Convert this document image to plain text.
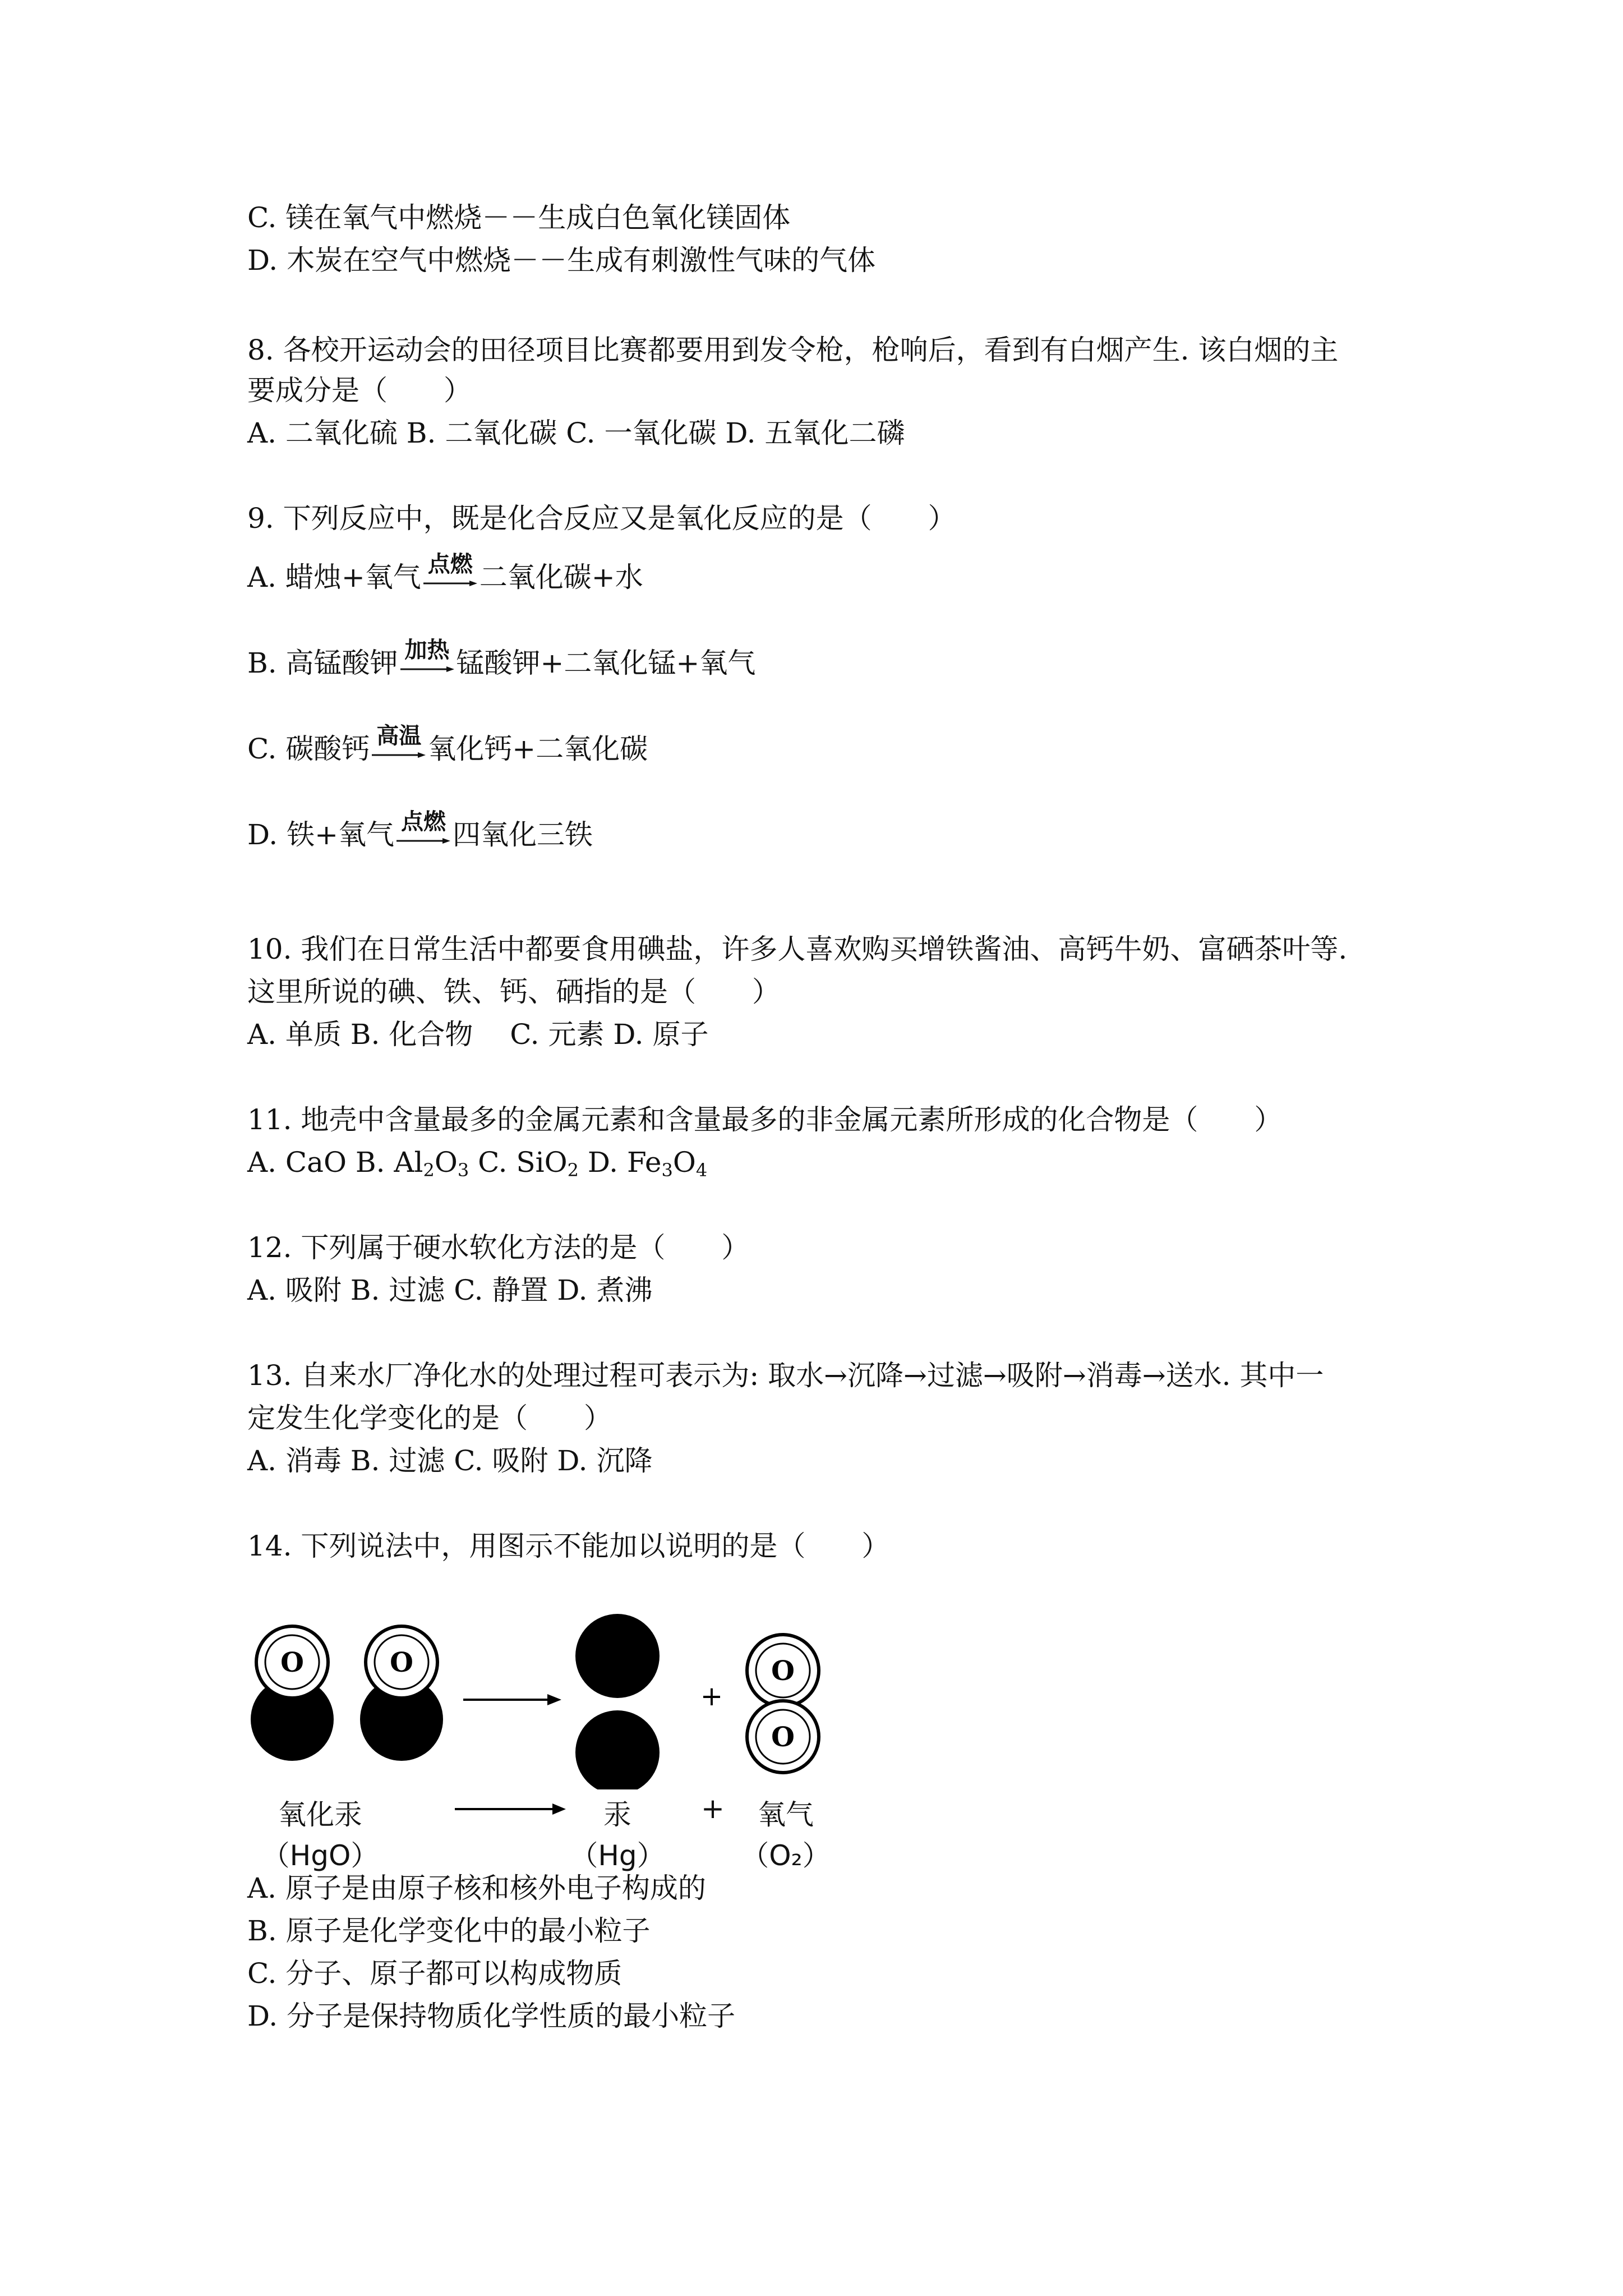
C. 镁在氧气中燃烧－－生成白色氧化镁固体
D. 木炭在空气中燃烧－－生成有刺激性气味的气体
8. 各校开运动会的田径项目比赛都要用到发令枪，枪响后，看到有白烟产生. 该白烟的主
要成分是（　　）
A. 二氧化硫 B. 二氧化碳 C. 一氧化碳 D. 五氧化二磷
9. 下列反应中，既是化合反应又是氧化反应的是（　　）
A. 蜡烛+氧气 点燃 二氧化碳+水
B. 高锰酸钾 加热 锰酸钾+二氧化锰+氧气
C. 碳酸钙 高温 氧化钙+二氧化碳
D. 铁+氧气 点燃 四氧化三铁
10. 我们在日常生活中都要食用碘盐，许多人喜欢购买增铁酱油、高钙牛奶、富硒茶叶等.
这里所说的碘、铁、钙、硒指的是（　　）
A. 单质 B. 化合物　 C. 元素 D. 原子
11. 地壳中含量最多的金属元素和含量最多的非金属元素所形成的化合物是（　　）
A. CaO B. $Al_2O_3$ C. SiO$_2$ D. $Fe_3O_4$
12. 下列属于硬水软化方法的是（　　）
A. 吸附 B. 过滤 C. 静置 D. 煮沸
13. 自来水厂净化水的处理过程可表示为: 取水→沉降→过滤→吸附→消毒→送水. 其中一
定发生化学变化的是（　　）
A. 消毒 B. 过滤 C. 吸附 D. 沉降
14. 下列说法中，用图示不能加以说明的是（　　）
O	O
+
O
O
氧化汞
（HgO）
汞
（Hg）
+	氧气
（O₂）
A. 原子是由原子核和核外电子构成的
B. 原子是化学变化中的最小粒子
C. 分子、原子都可以构成物质
D. 分子是保持物质化学性质的最小粒子
